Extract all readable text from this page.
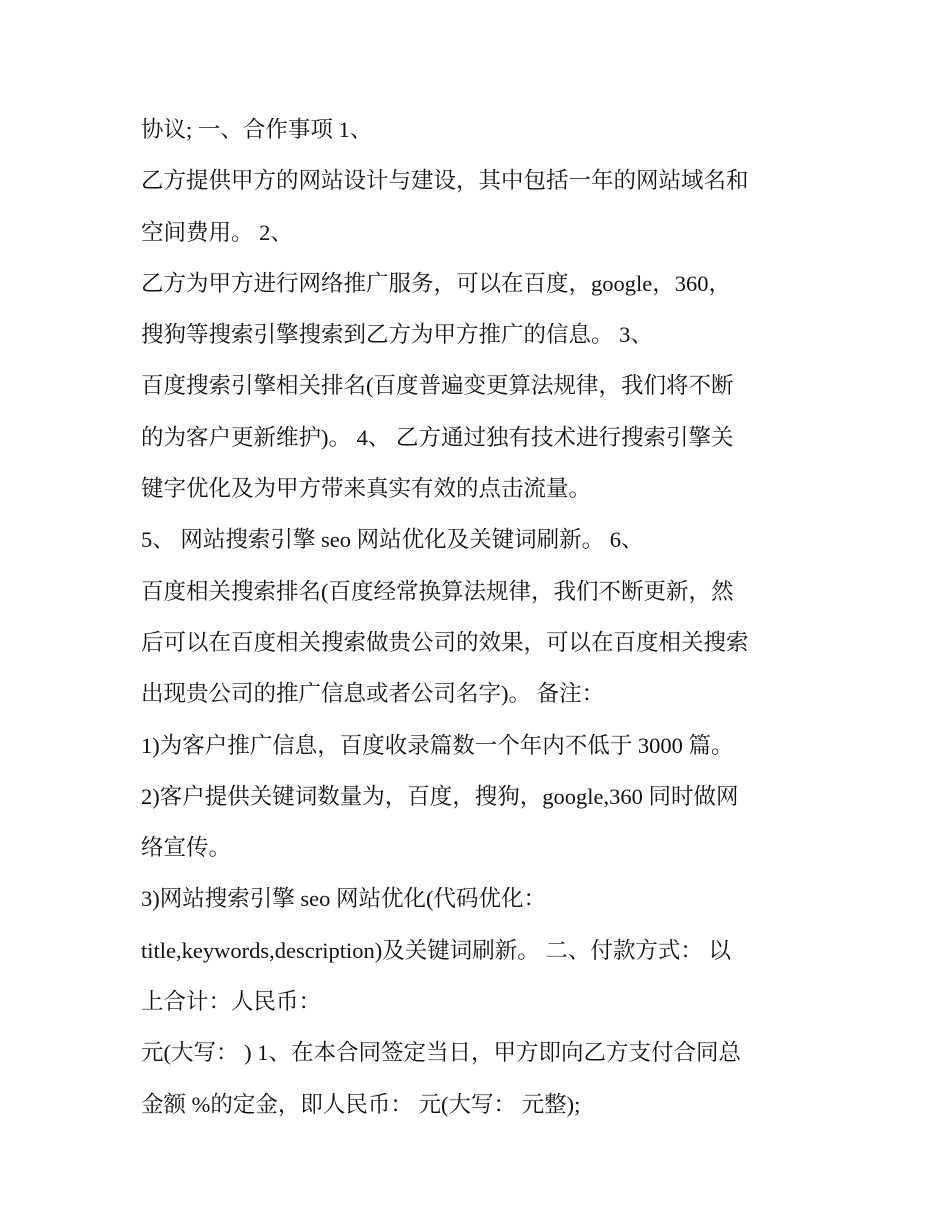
协议; 一、合作事项 1、
乙方提供甲方的网站设计与建设，其中包括一年的网站域名和
空间费用。 2、
乙方为甲方进行网络推广服务，可以在百度，google，360，
搜狗等搜索引擎搜索到乙方为甲方推广的信息。 3、
百度搜索引擎相关排名(百度普遍变更算法规律，我们将不断
的为客户更新维护)。 4、 乙方通过独有技术进行搜索引擎关
键字优化及为甲方带来真实有效的点击流量。
5、 网站搜索引擎 seo 网站优化及关键词刷新。 6、
百度相关搜索排名(百度经常换算法规律，我们不断更新，然
后可以在百度相关搜索做贵公司的效果，可以在百度相关搜索
出现贵公司的推广信息或者公司名字)。 备注：
1)为客户推广信息，百度收录篇数一个年内不低于 3000 篇。
2)客户提供关键词数量为，百度，搜狗，google,360 同时做网
络宣传。
3)网站搜索引擎 seo 网站优化(代码优化：
title,keywords,description)及关键词刷新。 二、付款方式： 以
上合计：人民币：
元(大写： ) 1、在本合同签定当日，甲方即向乙方支付合同总
金额 %的定金，即人民币： 元(大写： 元整);
